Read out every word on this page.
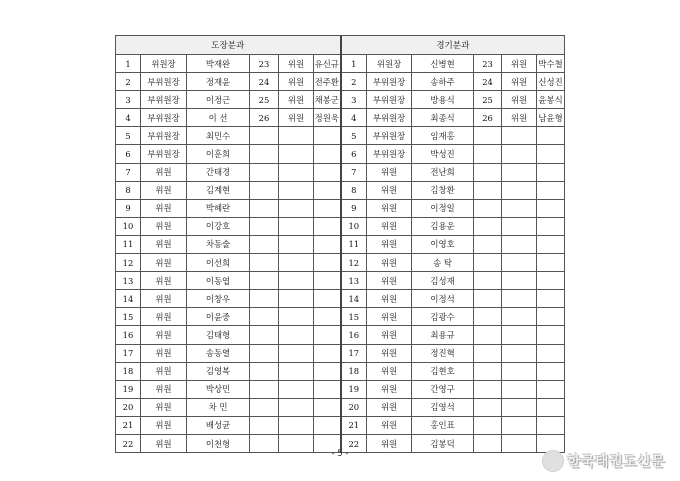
도장분과						경기분과					
1	위원장	박재완	23	위원	유신규	1	위원장	신병현	23	위원	박수철
2	부위원장	정재윤	24	위원	전주환	2	부위원장	송하주	24	위원	신성진
3	부위원장	이정근	25	위원	채봉군	3	부위원장	방용식	25	위원	윤봉식
4	부위원장	이 선	26	위원	정원욱	4	부위원장	최종식	26	위원	남윤형
5	부위원장	최민수				5	부위원장	임재홍			
6	부위원장	이훈희				6	부위원장	박성진			
7	위원	간태경				7	위원	전난희			
8	위원	김계현				8	위원	김창환			
9	위원	박혜란				9	위원	이정일			
10	위원	이강호				10	위원	김용운			
11	위원	차동술				11	위원	이영호			
12	위원	이선희				12	위원	송 탁			
13	위원	이동엽				13	위원	김성재			
14	위원	이창우				14	위원	이정석			
15	위원	이윤중				15	위원	김광수			
16	위원	김태형				16	위원	최용규			
17	위원	송동열				17	위원	정진혁			
18	위원	김영복				18	위원	김현호			
19	위원	박상민				19	위원	간영구			
20	위원	차 민				20	위원	김영석			
21	위원	배성균				21	위원	홍인표			
22	위원	이천형				22	위원	김봉덕			
- 5 -	한국태권도신문
